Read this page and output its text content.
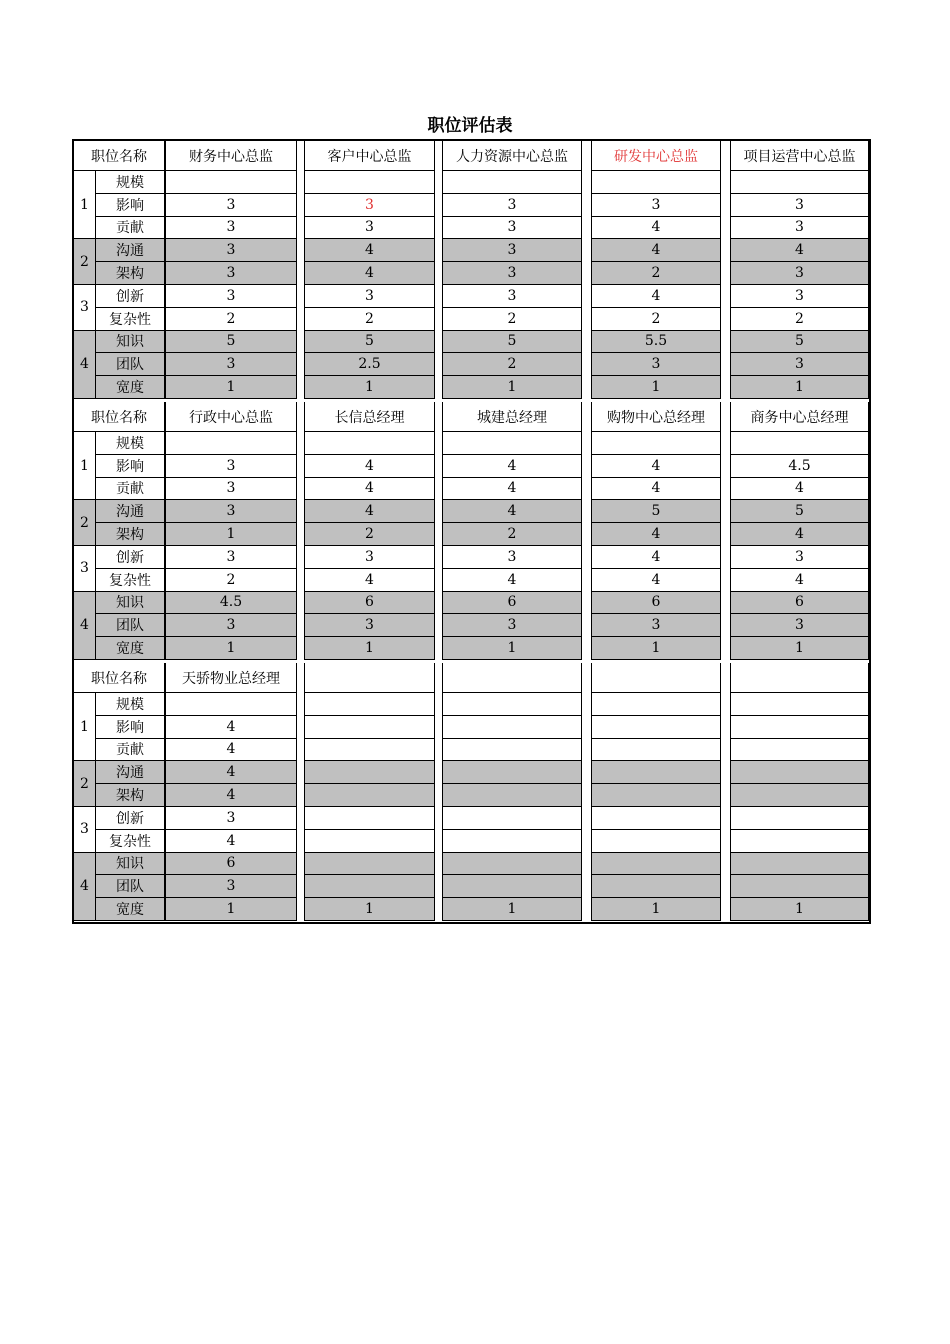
职位评估表
职位名称	财务中心总监	客户中心总监	人力资源中心总监	研发中心总监	项目运营中心总监
1
2
3
4
规模
影响	3	3	3	3	3
贡献	3	3	3	4	3
沟通	3	4	3	4	4
架构	3	4	3	2	3
创新	3	3	3	4	3
复杂性	2	2	2	2	2
知识	5	5	5	5.5	5
团队	3	2.5	2	3	3
宽度	1	1	1	1	1
职位名称	行政中心总监	长信总经理	城建总经理	购物中心总经理	商务中心总经理
1
2
3
4
规模
影响	3	4	4	4	4.5
贡献	3	4	4	4	4
沟通	3	4	4	5	5
架构	1	2	2	4	4
创新	3	3	3	4	3
复杂性	2	4	4	4	4
知识	4.5	6	6	6	6
团队	3	3	3	3	3
宽度	1	1	1	1	1
职位名称	天骄物业总经理
1
2
3
4
规模
影响	4
贡献	4
沟通	4
架构	4
创新	3
复杂性	4
知识	6
团队	3
宽度	1	1	1	1	1
